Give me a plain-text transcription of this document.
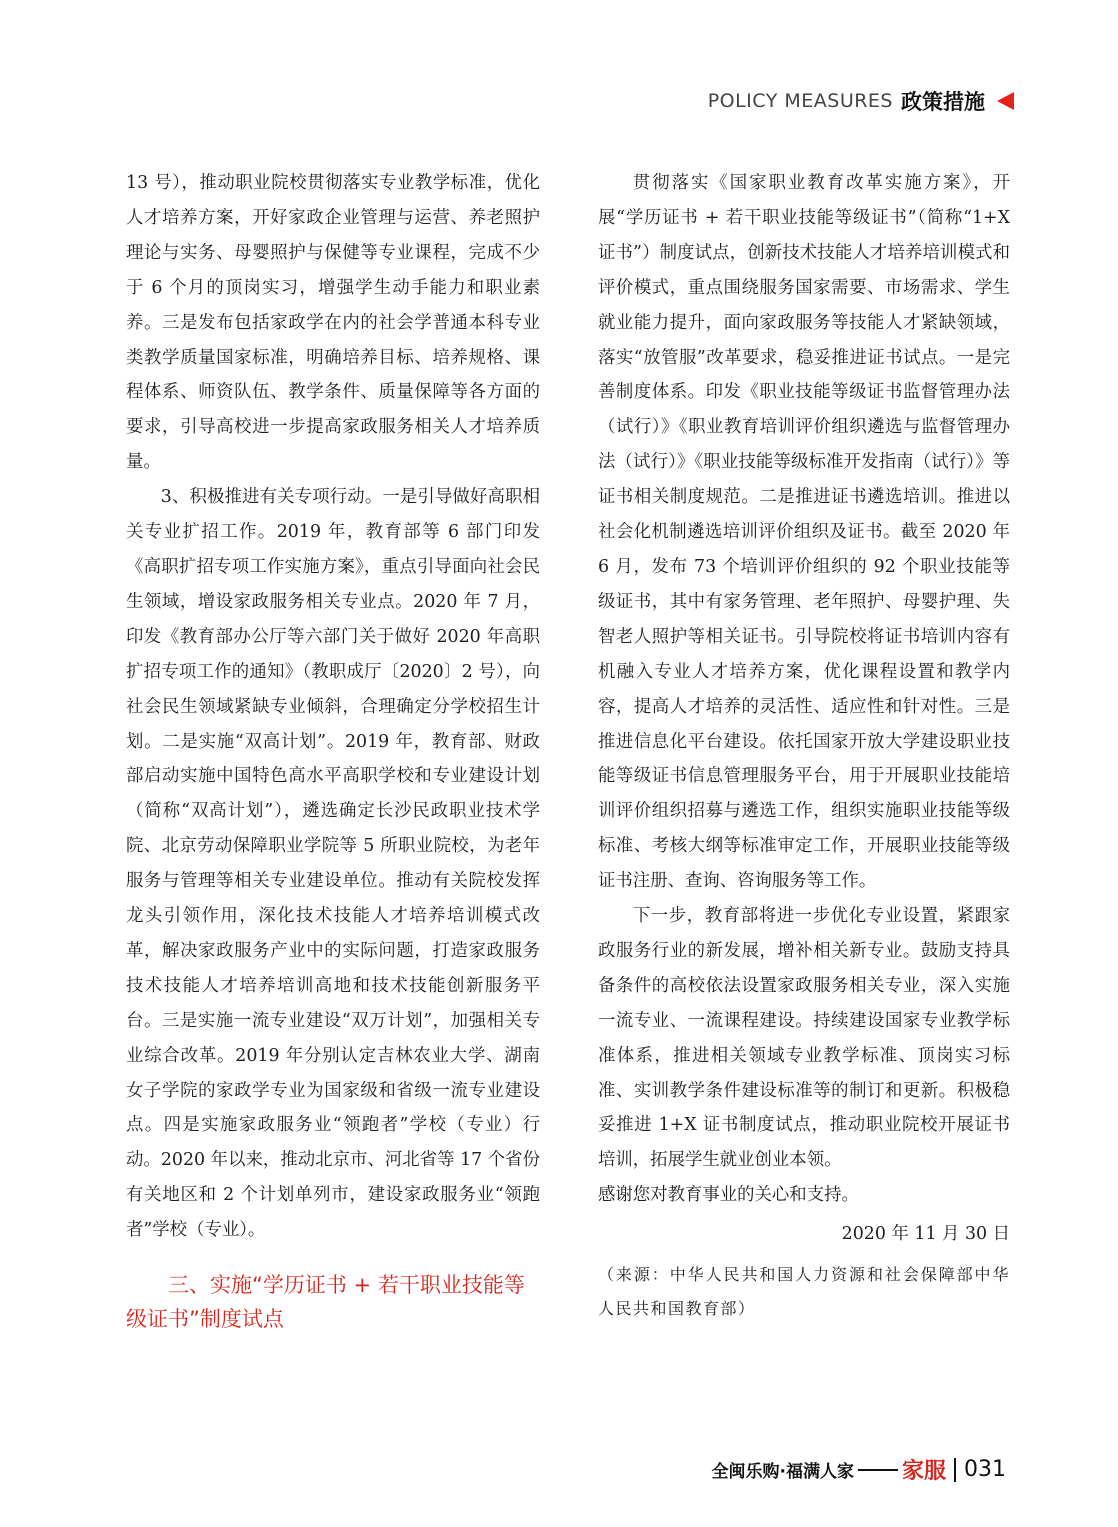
POLICY MEASURES 政策措施

13 号），推动职业院校贯彻落实专业教学标准，优化人才培养方案，开好家政企业管理与运营、养老照护理论与实务、母婴照护与保健等专业课程，完成不少于 6 个月的顶岗实习，增强学生动手能力和职业素养。三是发布包括家政学在内的社会学普通本科专业类教学质量国家标准，明确培养目标、培养规格、课程体系、师资队伍、教学条件、质量保障等各方面的要求，引导高校进一步提高家政服务相关人才培养质量。

3、积极推进有关专项行动。一是引导做好高职相关专业扩招工作。2019 年，教育部等 6 部门印发《高职扩招专项工作实施方案》，重点引导面向社会民生领域，增设家政服务相关专业点。2020 年 7 月，印发《教育部办公厅等六部门关于做好 2020 年高职扩招专项工作的通知》（教职成厅〔2020〕2 号），向社会民生领域紧缺专业倾斜，合理确定分学校招生计划。二是实施“双高计划”。2019 年，教育部、财政部启动实施中国特色高水平高职学校和专业建设计划（简称“双高计划”），遴选确定长沙民政职业技术学院、北京劳动保障职业学院等 5 所职业院校，为老年服务与管理等相关专业建设单位。推动有关院校发挥龙头引领作用，深化技术技能人才培养培训模式改革，解决家政服务产业中的实际问题，打造家政服务技术技能人才培养培训高地和技术技能创新服务平台。三是实施一流专业建设“双万计划”，加强相关专业综合改革。2019 年分别认定吉林农业大学、湖南女子学院的家政学专业为国家级和省级一流专业建设点。四是实施家政服务业“领跑者”学校（专业）行动。2020 年以来，推动北京市、河北省等 17 个省份有关地区和 2 个计划单列市，建设家政服务业“领跑者”学校（专业）。

三、实施“学历证书 + 若干职业技能等级证书”制度试点

贯彻落实《国家职业教育改革实施方案》，开展“学历证书 + 若干职业技能等级证书”（简称“1+X 证书”）制度试点，创新技术技能人才培养培训模式和评价模式，重点围绕服务国家需要、市场需求、学生就业能力提升，面向家政服务等技能人才紧缺领域，落实“放管服”改革要求，稳妥推进证书试点。一是完善制度体系。印发《职业技能等级证书监督管理办法（试行）》《职业教育培训评价组织遴选与监督管理办法（试行）》《职业技能等级标准开发指南（试行）》等证书相关制度规范。二是推进证书遴选培训。推进以社会化机制遴选培训评价组织及证书。截至 2020 年 6 月，发布 73 个培训评价组织的 92 个职业技能等级证书，其中有家务管理、老年照护、母婴护理、失智老人照护等相关证书。引导院校将证书培训内容有机融入专业人才培养方案，优化课程设置和教学内容，提高人才培养的灵活性、适应性和针对性。三是推进信息化平台建设。依托国家开放大学建设职业技能等级证书信息管理服务平台，用于开展职业技能培训评价组织招募与遴选工作，组织实施职业技能等级标准、考核大纲等标准审定工作，开展职业技能等级证书注册、查询、咨询服务等工作。

下一步，教育部将进一步优化专业设置，紧跟家政服务行业的新发展，增补相关新专业。鼓励支持具备条件的高校依法设置家政服务相关专业，深入实施一流专业、一流课程建设。持续建设国家专业教学标准体系，推进相关领域专业教学标准、顶岗实习标准、实训教学条件建设标准等的制订和更新。积极稳妥推进 1+X 证书制度试点，推动职业院校开展证书培训，拓展学生就业创业本领。

感谢您对教育事业的关心和支持。

2020 年 11 月 30 日

（来源：中华人民共和国人力资源和社会保障部中华人民共和国教育部）

全闽乐购·福满人家 家服 031
